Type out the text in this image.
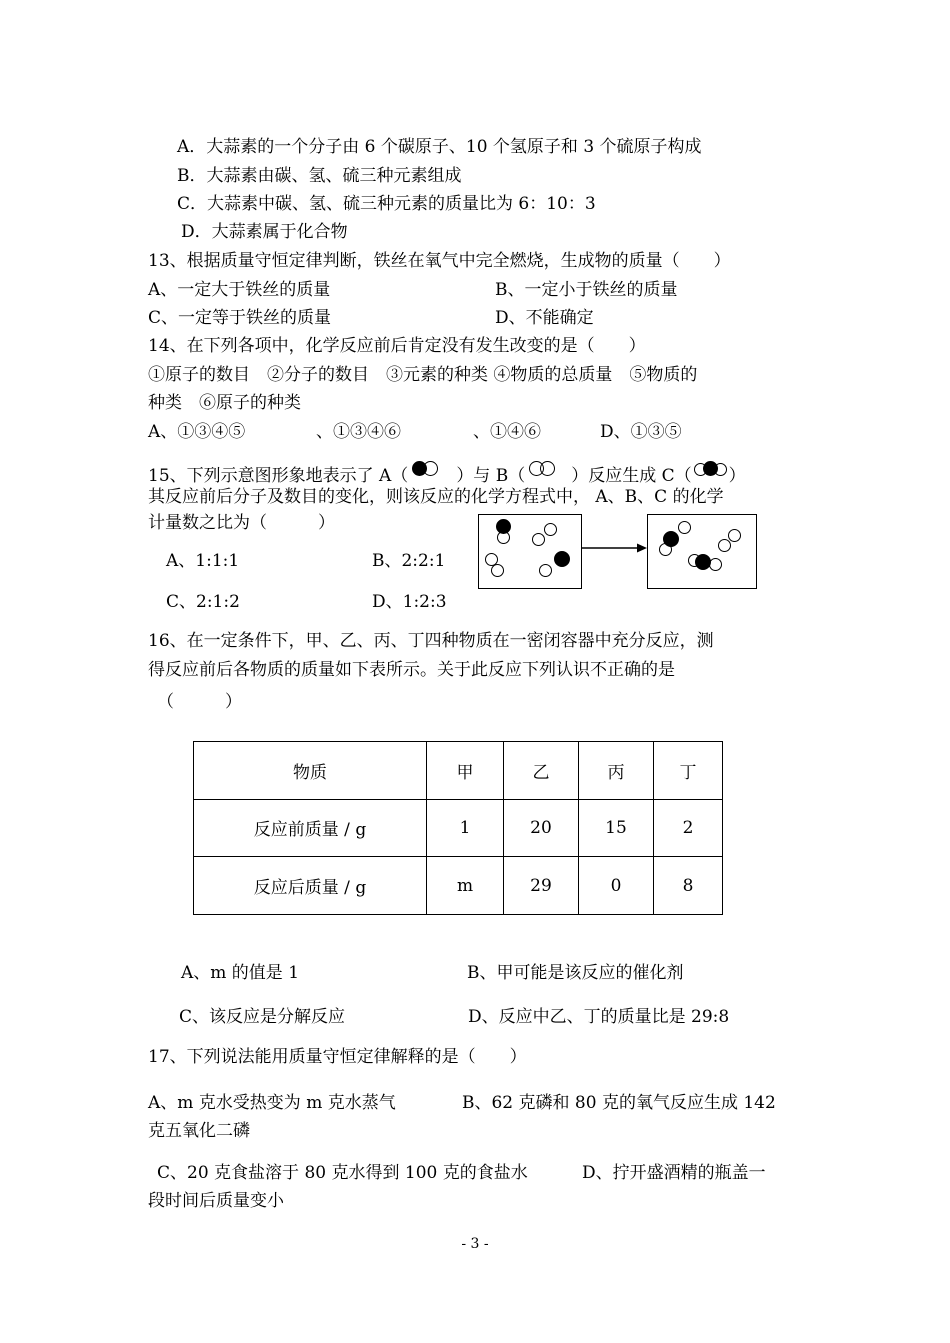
A．大蒜素的一个分子由 6 个碳原子、10 个氢原子和 3 个硫原子构成
B．大蒜素由碳、氢、硫三种元素组成
C．大蒜素中碳、氢、硫三种元素的质量比为 6：10：3
D．大蒜素属于化合物
13、根据质量守恒定律判断，铁丝在氧气中完全燃烧，生成物的质量（　　）
A、一定大于铁丝的质量	B、一定小于铁丝的质量
C、一定等于铁丝的质量	D、不能确定
14、在下列各项中，化学反应前后肯定没有发生改变的是（　　）
①原子的数目　②分子的数目　③元素的种类 ④物质的总质量　⑤物质的
种类　⑥原子的种类
A、①③④⑤	、①③④⑥	、①④⑥	D、①③⑤
15、下列示意图形象地表示了 A（	）与 B（	）反应生成 C（ ）
其反应前后分子及数目的变化，则该反应的化学方程式中， A、B、C 的化学
计量数之比为（　　　）
A、1:1:1	B、2:2:1
C、2:1:2	D、1:2:3
16、在一定条件下，甲、乙、丙、丁四种物质在一密闭容器中充分反应，测
得反应前后各物质的质量如下表所示。关于此反应下列认识不正确的是
（　　　）
物质	甲	乙	丙	丁
反应前质量 / g	1	20	15	2
反应后质量 / g	m	29	0	8
A、m 的值是 1	B、甲可能是该反应的催化剂
C、该反应是分解反应	D、反应中乙、丁的质量比是 29:8
17、下列说法能用质量守恒定律解释的是（　　）
A、m 克水受热变为 m 克水蒸气	B、62 克磷和 80 克的氧气反应生成 142
克五氧化二磷
C、20 克食盐溶于 80 克水得到 100 克的食盐水	D、拧开盛酒精的瓶盖一
段时间后质量变小
- 3 -
